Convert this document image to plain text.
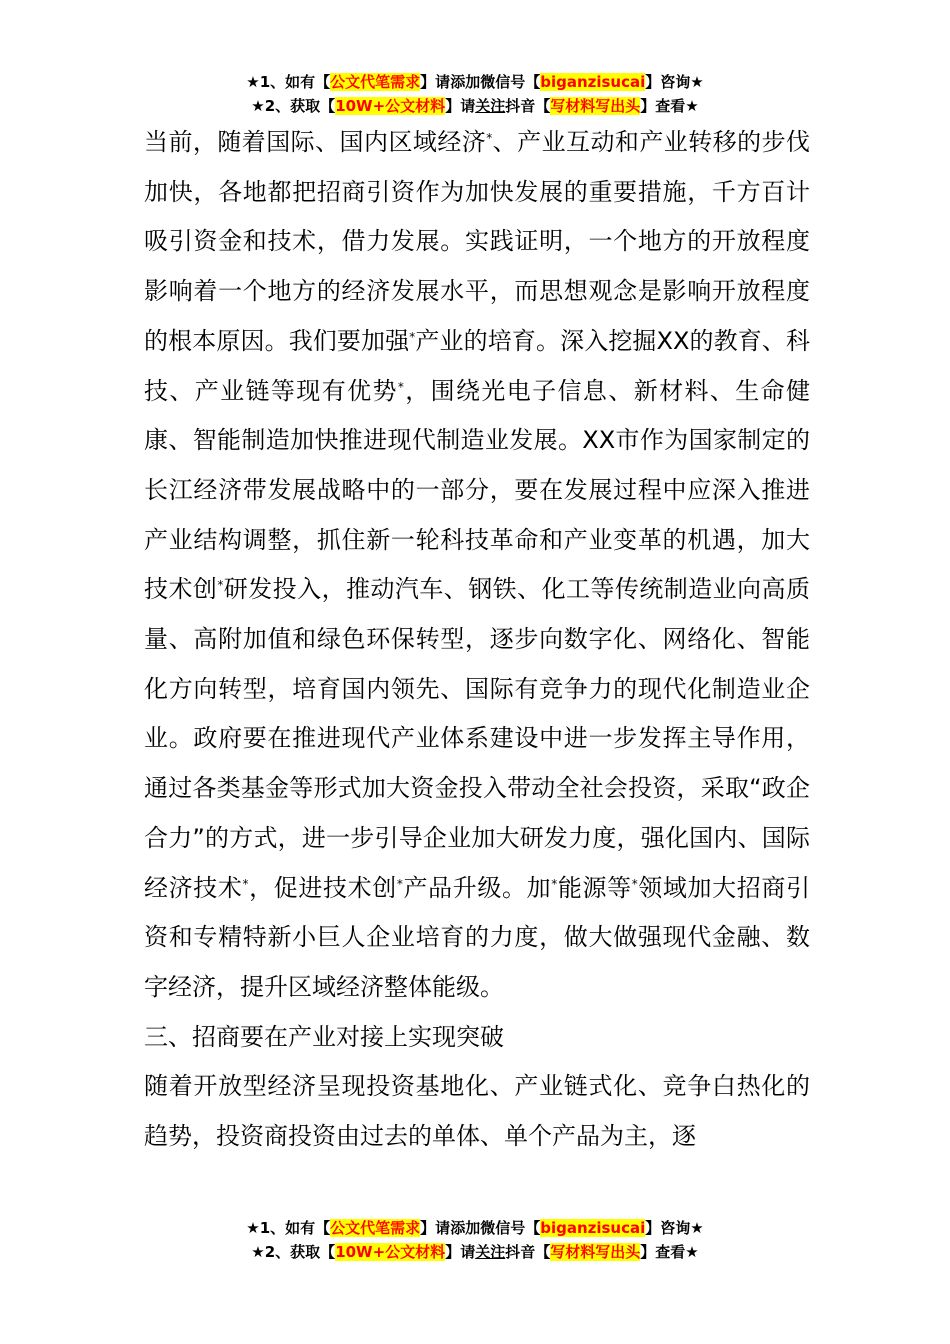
★1、如有【公文代笔需求】请添加微信号【biganzisucai】咨询★
★2、获取【10W+公文材料】请关注抖音【写材料写出头】查看★

当前，随着国际、国内区域经济*、产业互动和产业转移的步伐加快，各地都把招商引资作为加快发展的重要措施，千方百计吸引资金和技术，借力发展。实践证明，一个地方的开放程度影响着一个地方的经济发展水平，而思想观念是影响开放程度的根本原因。我们要加强*产业的培育。深入挖掘XX的教育、科技、产业链等现有优势*，围绕光电子信息、新材料、生命健康、智能制造加快推进现代制造业发展。XX市作为国家制定的长江经济带发展战略中的一部分，要在发展过程中应深入推进产业结构调整，抓住新一轮科技革命和产业变革的机遇，加大技术创*研发投入，推动汽车、钢铁、化工等传统制造业向高质量、高附加值和绿色环保转型，逐步向数字化、网络化、智能化方向转型，培育国内领先、国际有竞争力的现代化制造业企业。政府要在推进现代产业体系建设中进一步发挥主导作用，通过各类基金等形式加大资金投入带动全社会投资，采取“政企合力”的方式，进一步引导企业加大研发力度，强化国内、国际经济技术*，促进技术创*产品升级。加*能源等*领域加大招商引资和专精特新小巨人企业培育的力度，做大做强现代金融、数字经济，提升区域经济整体能级。

三、招商要在产业对接上实现突破

随着开放型经济呈现投资基地化、产业链式化、竞争白热化的趋势，投资商投资由过去的单体、单个产品为主，逐

★1、如有【公文代笔需求】请添加微信号【biganzisucai】咨询★
★2、获取【10W+公文材料】请关注抖音【写材料写出头】查看★
